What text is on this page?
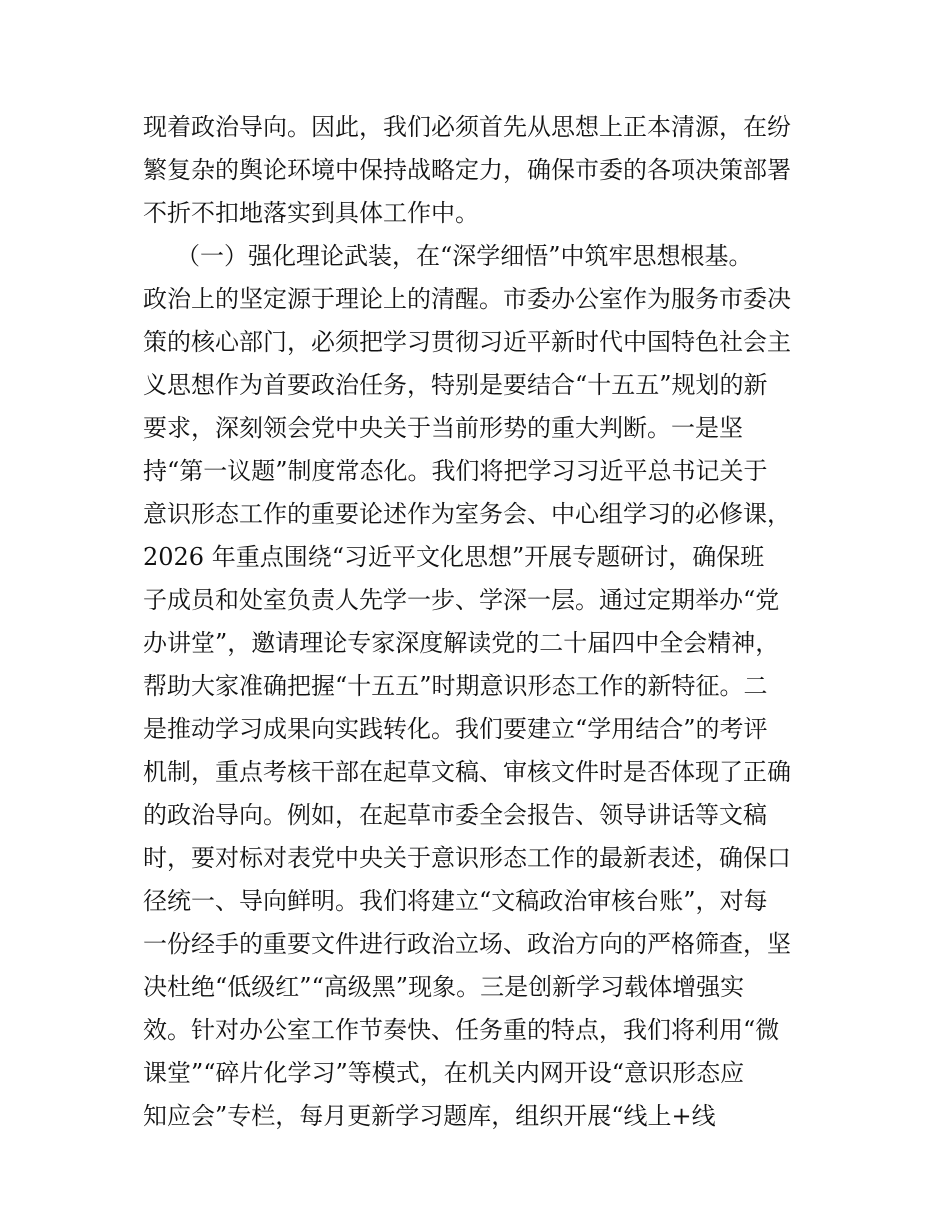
现着政治导向。因此，我们必须首先从思想上正本清源，在纷
繁复杂的舆论环境中保持战略定力，确保市委的各项决策部署
不折不扣地落实到具体工作中。
（一）强化理论武装，在“深学细悟”中筑牢思想根基。
政治上的坚定源于理论上的清醒。市委办公室作为服务市委决
策的核心部门，必须把学习贯彻习近平新时代中国特色社会主
义思想作为首要政治任务，特别是要结合“十五五”规划的新
要求，深刻领会党中央关于当前形势的重大判断。一是坚
持“第一议题”制度常态化。我们将把学习习近平总书记关于
意识形态工作的重要论述作为室务会、中心组学习的必修课，
2026 年重点围绕“习近平文化思想”开展专题研讨，确保班
子成员和处室负责人先学一步、学深一层。通过定期举办“党
办讲堂”，邀请理论专家深度解读党的二十届四中全会精神，
帮助大家准确把握“十五五”时期意识形态工作的新特征。二
是推动学习成果向实践转化。我们要建立“学用结合”的考评
机制，重点考核干部在起草文稿、审核文件时是否体现了正确
的政治导向。例如，在起草市委全会报告、领导讲话等文稿
时，要对标对表党中央关于意识形态工作的最新表述，确保口
径统一、导向鲜明。我们将建立“文稿政治审核台账”，对每
一份经手的重要文件进行政治立场、政治方向的严格筛查，坚
决杜绝“低级红”“高级黑”现象。三是创新学习载体增强实
效。针对办公室工作节奏快、任务重的特点，我们将利用“微
课堂”“碎片化学习”等模式，在机关内网开设“意识形态应
知应会”专栏，每月更新学习题库，组织开展“线上+线
